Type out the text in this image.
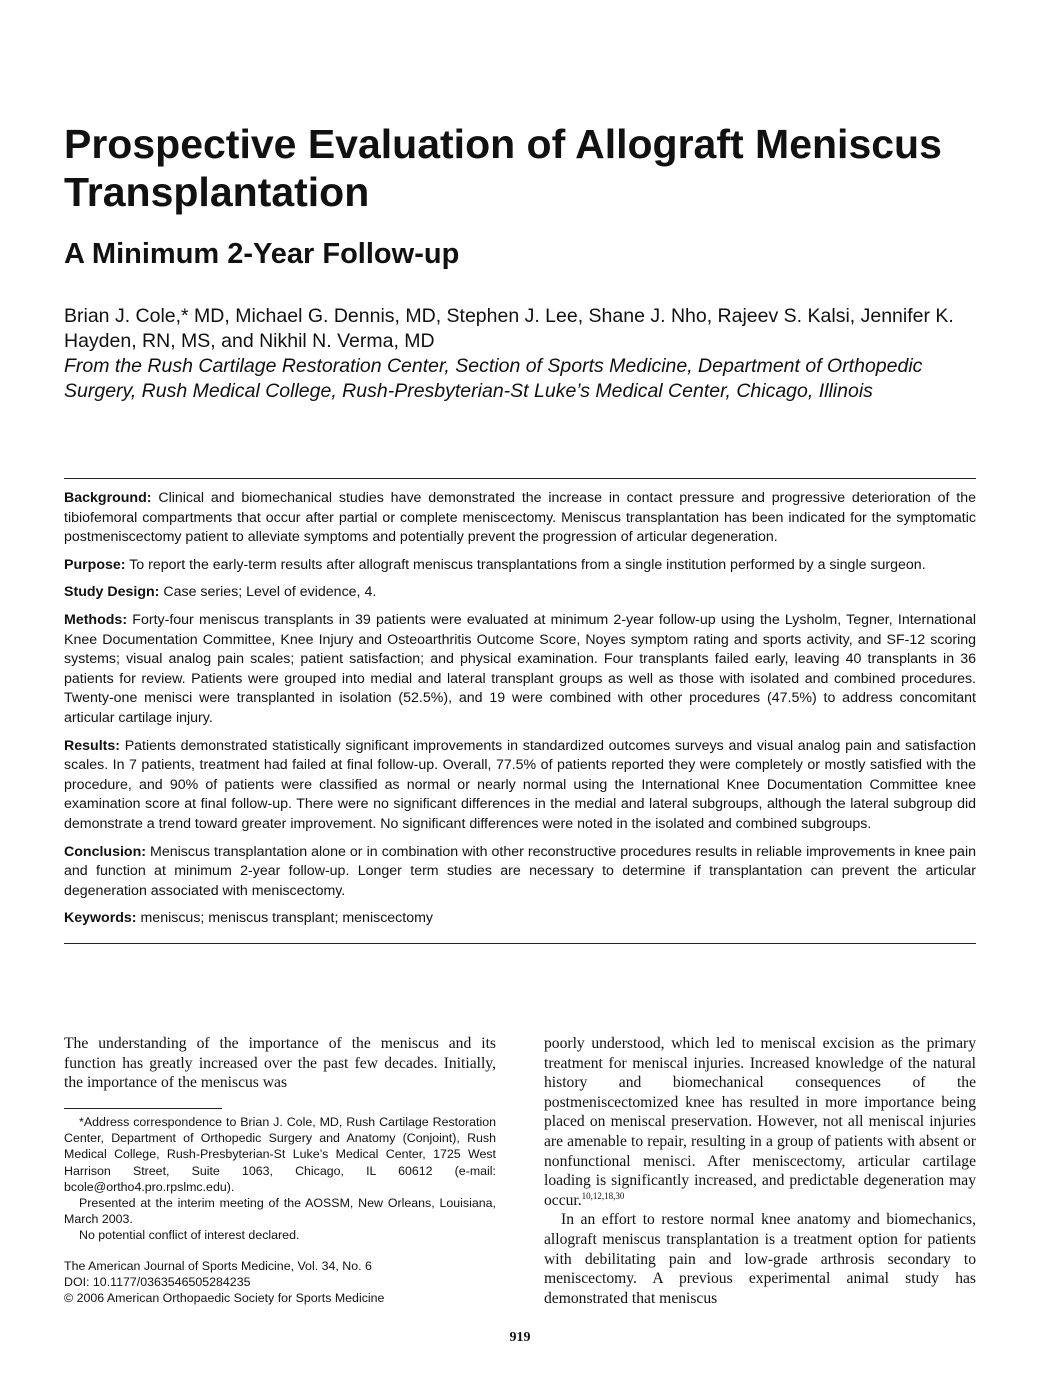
Prospective Evaluation of Allograft Meniscus Transplantation
A Minimum 2-Year Follow-up

Brian J. Cole,* MD, Michael G. Dennis, MD, Stephen J. Lee, Shane J. Nho, Rajeev S. Kalsi, Jennifer K. Hayden, RN, MS, and Nikhil N. Verma, MD

From the Rush Cartilage Restoration Center, Section of Sports Medicine, Department of Orthopedic Surgery, Rush Medical College, Rush-Presbyterian-St Luke’s Medical Center, Chicago, Illinois

Background: Clinical and biomechanical studies have demonstrated the increase in contact pressure and progressive deterioration of the tibiofemoral compartments that occur after partial or complete meniscectomy. Meniscus transplantation has been indicated for the symptomatic postmeniscectomy patient to alleviate symptoms and potentially prevent the progression of articular degeneration.

Purpose: To report the early-term results after allograft meniscus transplantations from a single institution performed by a single surgeon.

Study Design: Case series; Level of evidence, 4.

Methods: Forty-four meniscus transplants in 39 patients were evaluated at minimum 2-year follow-up using the Lysholm, Tegner, International Knee Documentation Committee, Knee Injury and Osteoarthritis Outcome Score, Noyes symptom rating and sports activity, and SF-12 scoring systems; visual analog pain scales; patient satisfaction; and physical examination. Four transplants failed early, leaving 40 transplants in 36 patients for review. Patients were grouped into medial and lateral transplant groups as well as those with isolated and combined procedures. Twenty-one menisci were transplanted in isolation (52.5%), and 19 were combined with other procedures (47.5%) to address concomitant articular cartilage injury.

Results: Patients demonstrated statistically significant improvements in standardized outcomes surveys and visual analog pain and satisfaction scales. In 7 patients, treatment had failed at final follow-up. Overall, 77.5% of patients reported they were completely or mostly satisfied with the procedure, and 90% of patients were classified as normal or nearly normal using the International Knee Documentation Committee knee examination score at final follow-up. There were no significant differences in the medial and lateral subgroups, although the lateral subgroup did demonstrate a trend toward greater improvement. No significant differences were noted in the isolated and combined subgroups.

Conclusion: Meniscus transplantation alone or in combination with other reconstructive procedures results in reliable improvements in knee pain and function at minimum 2-year follow-up. Longer term studies are necessary to determine if transplantation can prevent the articular degeneration associated with meniscectomy.

Keywords: meniscus; meniscus transplant; meniscectomy

The understanding of the importance of the meniscus and its function has greatly increased over the past few decades. Initially, the importance of the meniscus was

*Address correspondence to Brian J. Cole, MD, Rush Cartilage Restoration Center, Department of Orthopedic Surgery and Anatomy (Conjoint), Rush Medical College, Rush-Presbyterian-St Luke’s Medical Center, 1725 West Harrison Street, Suite 1063, Chicago, IL 60612 (e-mail: bcole@ortho4.pro.rpslmc.edu).

Presented at the interim meeting of the AOSSM, New Orleans, Louisiana, March 2003.

No potential conflict of interest declared.

The American Journal of Sports Medicine, Vol. 34, No. 6
DOI: 10.1177/0363546505284235
© 2006 American Orthopaedic Society for Sports Medicine

poorly understood, which led to meniscal excision as the primary treatment for meniscal injuries. Increased knowledge of the natural history and biomechanical consequences of the postmeniscectomized knee has resulted in more importance being placed on meniscal preservation. However, not all meniscal injuries are amenable to repair, resulting in a group of patients with absent or nonfunctional menisci. After meniscectomy, articular cartilage loading is significantly increased, and predictable degeneration may occur.$^{10,12,18,30}$

In an effort to restore normal knee anatomy and biomechanics, allograft meniscus transplantation is a treatment option for patients with debilitating pain and low-grade arthrosis secondary to meniscectomy. A previous experimental animal study has demonstrated that meniscus

919
